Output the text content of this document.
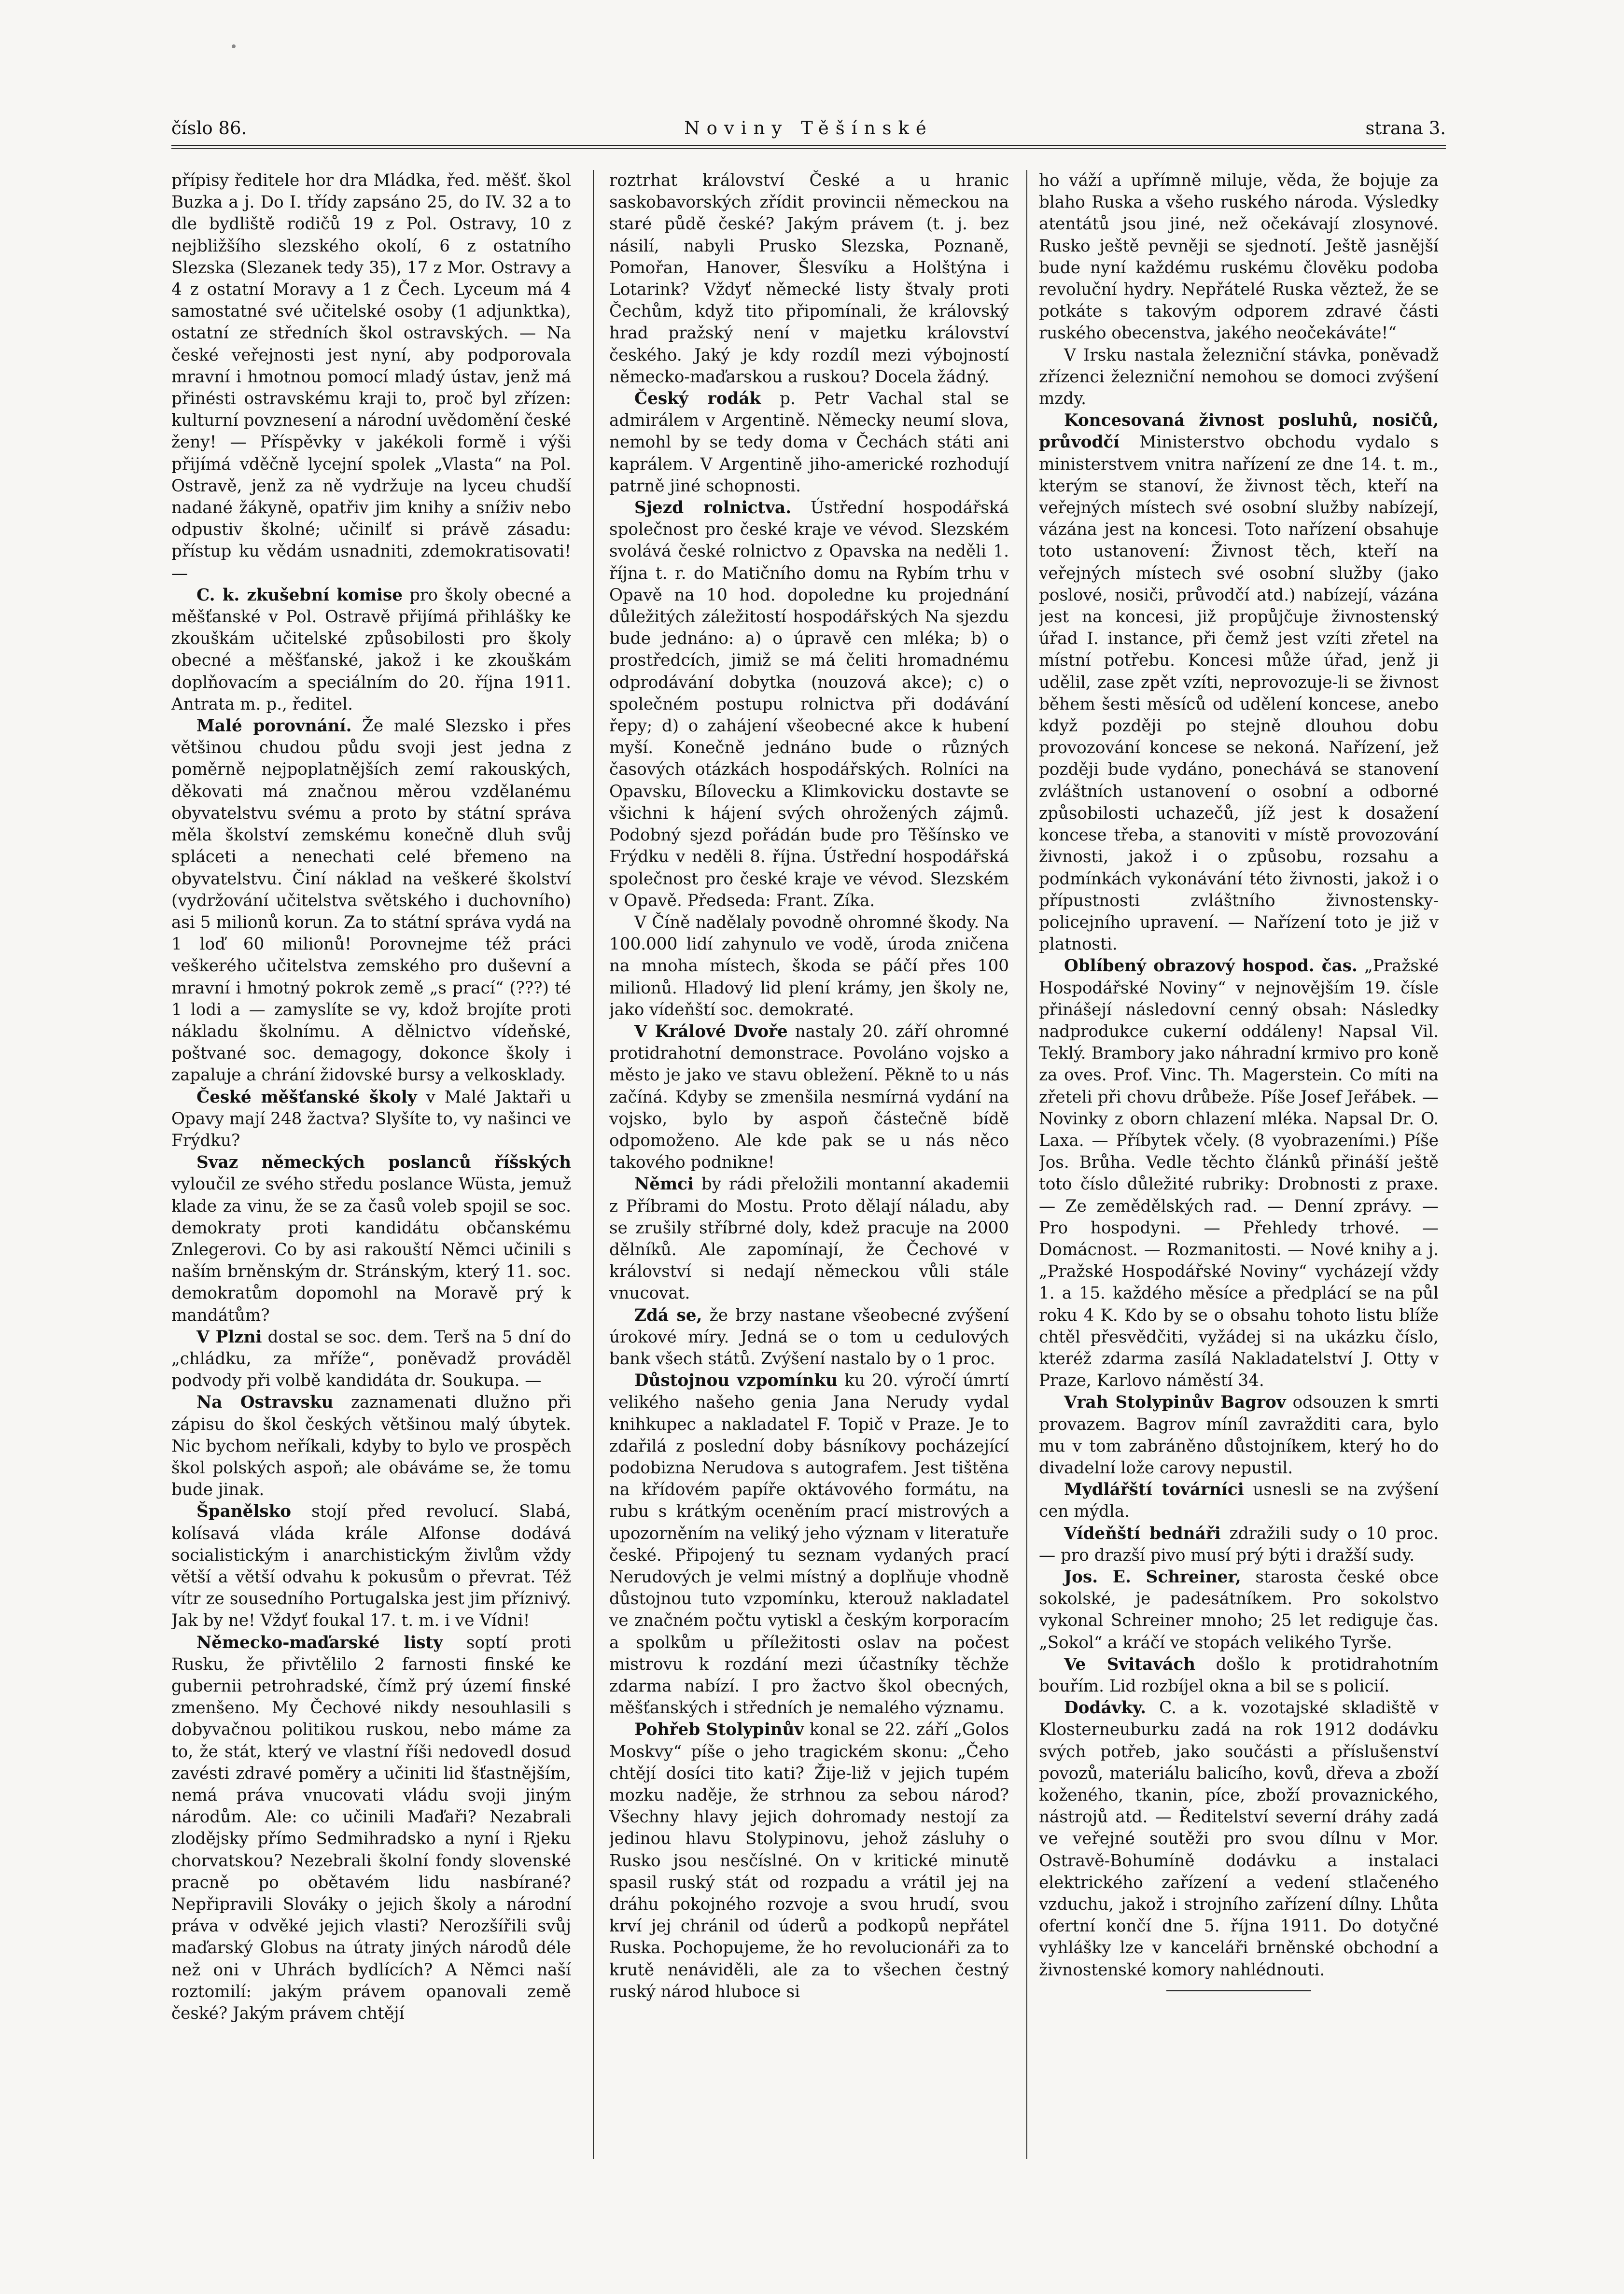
číslo 86.	Noviny Těšínské	strana 3.

přípisy ředitele hor dra Mládka, řed. měšť. škol Buzka a j. Do I. třídy zapsáno 25, do IV. 32 a to dle bydliště rodičů 19 z Pol. Ostravy, 10 z nejbližšího slezského okolí, 6 z ostatního Slezska (Slezanek tedy 35), 17 z Mor. Ostravy a 4 z ostatní Moravy a 1 z Čech. Lyceum má 4 samostatné své učitelské osoby (1 adjunktka), ostatní ze středních škol ostravských. — Na české veřejnosti jest nyní, aby podporovala mravní i hmotnou pomocí mladý ústav, jenž má přinésti ostravskému kraji to, proč byl zřízen: kulturní povznesení a národní uvědomění české ženy! — Příspěvky v jakékoli formě i výši přijímá vděčně lycejní spolek „Vlasta“ na Pol. Ostravě, jenž za ně vydržuje na lyceu chudší nadané žákyně, opatřiv jim knihy a sníživ nebo odpustiv školné; učinilť si právě zásadu: přístup ku vědám usnadniti, zdemokratisovati! —

C. k. zkušební komise pro školy obecné a měšťanské v Pol. Ostravě přijímá přihlášky ke zkouškám učitelské způsobilosti pro školy obecné a měšťanské, jakož i ke zkouškám doplňovacím a speciálním do 20. října 1911. Antrata m. p., ředitel.

Malé porovnání. Že malé Slezsko i přes většinou chudou půdu svoji jest jedna z poměrně nejpoplatnějších zemí rakouských, děkovati má značnou měrou vzdělanému obyvatelstvu svému a proto by státní správa měla školství zemskému konečně dluh svůj spláceti a nenechati celé břemeno na obyvatelstvu. Činí náklad na veškeré školství (vydržování učitelstva světského i duchovního) asi 5 milionů korun. Za to státní správa vydá na 1 loď 60 milionů! Porovnejme též práci veškerého učitelstva zemského pro duševní a mravní i hmotný pokrok země „s prací“ (???) té 1 lodi a — zamyslíte se vy, kdož brojíte proti nákladu školnímu. A dělnictvo vídeňské, poštvané soc. demagogy, dokonce školy i zapaluje a chrání židovské bursy a velkosklady.

České měšťanské školy v Malé Jaktaři u Opavy mají 248 žactva? Slyšíte to, vy našinci ve Frýdku?

Svaz německých poslanců říšských vyloučil ze svého středu poslance Wüsta, jemuž klade za vinu, že se za časů voleb spojil se soc. demokraty proti kandidátu občanskému Znlegerovi. Co by asi rakouští Němci učinili s naším brněnským dr. Stránským, který 11. soc. demokratům dopomohl na Moravě prý k mandátům?

V Plzni dostal se soc. dem. Terš na 5 dní do „chládku, za mříže“, poněvadž prováděl podvody při volbě kandidáta dr. Soukupa. —

Na Ostravsku zaznamenati dlužno při zápisu do škol českých většinou malý úbytek. Nic bychom neříkali, kdyby to bylo ve prospěch škol polských aspoň; ale obáváme se, že tomu bude jinak.

Španělsko stojí před revolucí. Slabá, kolísavá vláda krále Alfonse dodává socialistickým i anarchistickým živlům vždy větší a větší odvahu k pokusům o převrat. Též vítr ze sousedního Portugalska jest jim příznivý. Jak by ne! Vždyť foukal 17. t. m. i ve Vídni!

Německo-maďarské listy soptí proti Rusku, že přivtělilo 2 farnosti finské ke gubernii petrohradské, čímž prý území finské zmenšeno. My Čechové nikdy nesouhlasili s dobyvačnou politikou ruskou, nebo máme za to, že stát, který ve vlastní říši nedovedl dosud zavésti zdravé poměry a učiniti lid šťastnějším, nemá práva vnucovati vládu svoji jiným národům. Ale: co učinili Maďaři? Nezabrali zlodějsky přímo Sedmihradsko a nyní i Rjeku chorvatskou? Nezebrali školní fondy slovenské pracně po obětavém lidu nasbírané? Nepřipravili Slováky o jejich školy a národní práva v odvěké jejich vlasti? Nerozšířili svůj maďarský Globus na útraty jiných národů déle než oni v Uhrách bydlících? A Němci naší roztomilí: jakým právem opanovali země české? Jakým právem chtějí

roztrhat království České a u hranic saskobavorských zřídit provincii německou na staré půdě české? Jakým právem (t. j. bez násilí, nabyli Prusko Slezska, Poznaně, Pomořan, Hanover, Šlesvíku a Holštýna i Lotarink? Vždyť německé listy štvaly proti Čechům, když tito připomínali, že královský hrad pražský není v majetku království českého. Jaký je kdy rozdíl mezi výbojností německo-maďarskou a ruskou? Docela žádný.

Český rodák p. Petr Vachal stal se admirálem v Argentině. Německy neumí slova, nemohl by se tedy doma v Čechách státi ani kaprálem. V Argentině jiho-americké rozhodují patrně jiné schopnosti.

Sjezd rolnictva. Ústřední hospodářská společnost pro české kraje ve vévod. Slezském svolává české rolnictvo z Opavska na neděli 1. října t. r. do Matičního domu na Rybím trhu v Opavě na 10 hod. dopoledne ku projednání důležitých záležitostí hospodářských Na sjezdu bude jednáno: a) o úpravě cen mléka; b) o prostředcích, jimiž se má čeliti hromadnému odprodávání dobytka (nouzová akce); c) o společném postupu rolnictva při dodávání řepy; d) o zahájení všeobecné akce k hubení myší. Konečně jednáno bude o různých časových otázkách hospodářských. Rolníci na Opavsku, Bílovecku a Klimkovicku dostavte se všichni k hájení svých ohrožených zájmů. Podobný sjezd pořádán bude pro Těšínsko ve Frýdku v neděli 8. října. Ústřední hospodářská společnost pro české kraje ve vévod. Slezském v Opavě. Předseda: Frant. Zíka.

V Číně nadělaly povodně ohromné škody. Na 100.000 lidí zahynulo ve vodě, úroda zničena na mnoha místech, škoda se páčí přes 100 milionů. Hladový lid plení krámy, jen školy ne, jako vídeňští soc. demokraté.

V Králové Dvoře nastaly 20. září ohromné protidrahotní demonstrace. Povoláno vojsko a město je jako ve stavu obležení. Pěkně to u nás začíná. Kdyby se zmenšila nesmírná vydání na vojsko, bylo by aspoň částečně bídě odpomoženo. Ale kde pak se u nás něco takového podnikne!

Němci by rádi přeložili montanní akademii z Příbrami do Mostu. Proto dělají náladu, aby se zrušily stříbrné doly, kdež pracuje na 2000 dělníků. Ale zapomínají, že Čechové v království si nedají německou vůli stále vnucovat.

Zdá se, že brzy nastane všeobecné zvýšení úrokové míry. Jedná se o tom u cedulových bank všech států. Zvýšení nastalo by o 1 proc.

Důstojnou vzpomínku ku 20. výročí úmrtí velikého našeho genia Jana Nerudy vydal knihkupec a nakladatel F. Topič v Praze. Je to zdařilá z poslední doby básníkovy pocházející podobizna Nerudova s autografem. Jest tištěna na křídovém papíře oktávového formátu, na rubu s krátkým oceněním prací mistrových a upozorněním na veliký jeho význam v literatuře české. Připojený tu seznam vydaných prací Nerudových je velmi místný a doplňuje vhodně důstojnou tuto vzpomínku, kterouž nakladatel ve značném počtu vytiskl a českým korporacím a spolkům u příležitosti oslav na počest mistrovu k rozdání mezi účastníky těchže zdarma nabízí. I pro žactvo škol obecných, měšťanských i středních je nemalého významu.

Pohřeb Stolypinův konal se 22. září „Golos Moskvy“ píše o jeho tragickém skonu: „Čeho chtějí dosíci tito kati? Žije-liž v jejich tupém mozku naděje, že strhnou za sebou národ? Všechny hlavy jejich dohromady nestojí za jedinou hlavu Stolypinovu, jehož zásluhy o Rusko jsou nesčíslné. On v kritické minutě spasil ruský stát od rozpadu a vrátil jej na dráhu pokojného rozvoje a svou hrudí, svou krví jej chránil od úderů a podkopů nepřátel Ruska. Pochopujeme, že ho revolucionáři za to krutě nenáviděli, ale za to všechen čestný ruský národ hluboce si

ho váží a upřímně miluje, věda, že bojuje za blaho Ruska a všeho ruského národa. Výsledky atentátů jsou jiné, než očekávají zlosynové. Rusko ještě pevněji se sjednotí. Ještě jasnější bude nyní každému ruskému člověku podoba revoluční hydry. Nepřátelé Ruska věztež, že se potkáte s takovým odporem zdravé části ruského obecenstva, jakého neočekáváte!“

V Irsku nastala železniční stávka, poněvadž zřízenci železniční nemohou se domoci zvýšení mzdy.

Koncesovaná živnost posluhů, nosičů, průvodčí Ministerstvo obchodu vydalo s ministerstvem vnitra nařízení ze dne 14. t. m., kterým se stanoví, že živnost těch, kteří na veřejných místech své osobní služby nabízejí, vázána jest na koncesi. Toto nařízení obsahuje toto ustanovení: Živnost těch, kteří na veřejných místech své osobní služby (jako poslové, nosiči, průvodčí atd.) nabízejí, vázána jest na koncesi, již propůjčuje živnostenský úřad I. instance, při čemž jest vzíti zřetel na místní potřebu. Koncesi může úřad, jenž ji udělil, zase zpět vzíti, neprovozuje-li se živnost během šesti měsíců od udělení koncese, anebo když později po stejně dlouhou dobu provozování koncese se nekoná. Nařízení, jež později bude vydáno, ponechává se stanovení zvláštních ustanovení o osobní a odborné způsobilosti uchazečů, jíž jest k dosažení koncese třeba, a stanoviti v místě provozování živnosti, jakož i o způsobu, rozsahu a podmínkách vykonávání této živnosti, jakož i o přípustnosti zvláštního živnostensky-policejního upravení. — Nařízení toto je již v platnosti.

Oblíbený obrazový hospod. čas. „Pražské Hospodářské Noviny“ v nejnovějším 19. čísle přinášejí následovní cenný obsah: Následky nadprodukce cukerní oddáleny! Napsal Vil. Teklý. Brambory jako náhradní krmivo pro koně za oves. Prof. Vinc. Th. Magerstein. Co míti na zřeteli při chovu drůbeže. Píše Josef Jeřábek. — Novinky z oborn chlazení mléka. Napsal Dr. O. Laxa. — Příbytek včely. (8 vyobrazeními.) Píše Jos. Brůha. Vedle těchto článků přináší ještě toto číslo důležité rubriky: Drobnosti z praxe. — Ze zemědělských rad. — Denní zprávy. — Pro hospodyni. — Přehledy trhové. — Domácnost. — Rozmanitosti. — Nové knihy a j. „Pražské Hospodářské Noviny“ vycházejí vždy 1. a 15. každého měsíce a předplácí se na půl roku 4 K. Kdo by se o obsahu tohoto listu blíže chtěl přesvědčiti, vyžádej si na ukázku číslo, kteréž zdarma zasílá Nakladatelství J. Otty v Praze, Karlovo náměstí 34.

Vrah Stolypinův Bagrov odsouzen k smrti provazem. Bagrov míníl zavražditi cara, bylo mu v tom zabráněno důstojníkem, který ho do divadelní lože carovy nepustil.

Mydlářští továrníci usnesli se na zvýšení cen mýdla.

Vídeňští bednáři zdražili sudy o 10 proc. — pro drazší pivo musí prý býti i dražší sudy.

Jos. E. Schreiner, starosta české obce sokolské, je padesátníkem. Pro sokolstvo vykonal Schreiner mnoho; 25 let rediguje čas. „Sokol“ a kráčí ve stopách velikého Tyrše.

Ve Svitavách došlo k protidrahotním bouřím. Lid rozbíjel okna a bil se s policií.

Dodávky. C. a k. vozotajské skladiště v Klosterneuburku zadá na rok 1912 dodávku svých potřeb, jako součásti a příslušenství povozů, materiálu balicího, kovů, dřeva a zboží koženého, tkanin, píce, zboží provaznického, nástrojů atd. — Ředitelství severní dráhy zadá ve veřejné soutěži pro svou dílnu v Mor. Ostravě-Bohumíně dodávku a instalaci elektrického zařízení a vedení stlačeného vzduchu, jakož i strojního zařízení dílny. Lhůta ofertní končí dne 5. října 1911. Do dotyčné vyhlášky lze v kanceláři brněnské obchodní a živnostenské komory nahlédnouti.
